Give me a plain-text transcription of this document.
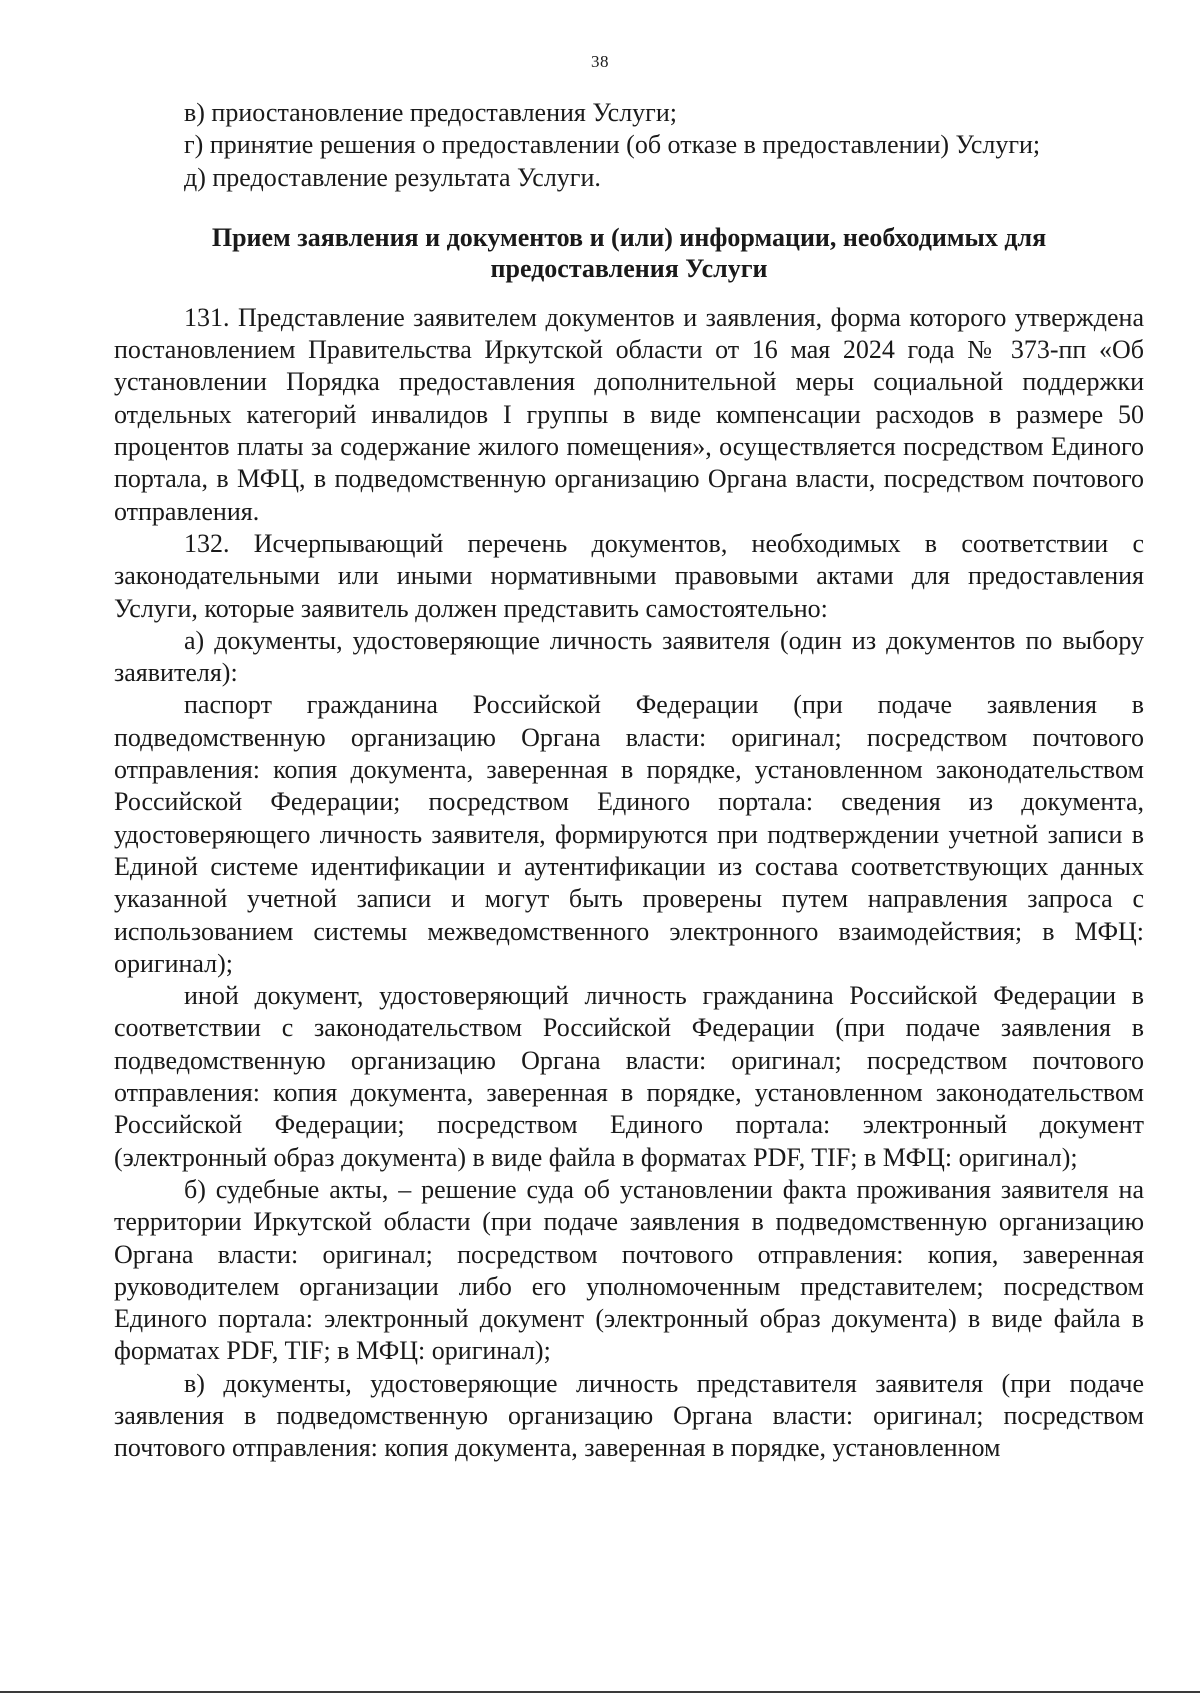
38

в) приостановление предоставления Услуги;

г) принятие решения о предоставлении (об отказе в предоставлении) Услуги;

д) предоставление результата Услуги.

Прием заявления и документов и (или) информации, необходимых для
предоставления Услуги

131. Представление заявителем документов и заявления, форма которого утверждена постановлением Правительства Иркутской области от 16 мая 2024 года № 373-пп «Об установлении Порядка предоставления дополнительной меры социальной поддержки отдельных категорий инвалидов I группы в виде компенсации расходов в размере 50 процентов платы за содержание жилого помещения», осуществляется посредством Единого портала, в МФЦ, в подведомственную организацию Органа власти, посредством почтового отправления.

132. Исчерпывающий перечень документов, необходимых в соответствии с законодательными или иными нормативными правовыми актами для предоставления Услуги, которые заявитель должен представить самостоятельно:

а) документы, удостоверяющие личность заявителя (один из документов по выбору заявителя):

паспорт гражданина Российской Федерации (при подаче заявления в подведомственную организацию Органа власти: оригинал; посредством почтового отправления: копия документа, заверенная в порядке, установленном законодательством Российской Федерации; посредством Единого портала: сведения из документа, удостоверяющего личность заявителя, формируются при подтверждении учетной записи в Единой системе идентификации и аутентификации из состава соответствующих данных указанной учетной записи и могут быть проверены путем направления запроса с использованием системы межведомственного электронного взаимодействия; в МФЦ: оригинал);

иной документ, удостоверяющий личность гражданина Российской Федерации в соответствии с законодательством Российской Федерации (при подаче заявления в подведомственную организацию Органа власти: оригинал; посредством почтового отправления: копия документа, заверенная в порядке, установленном законодательством Российской Федерации; посредством Единого портала: электронный документ (электронный образ документа) в виде файла в форматах PDF, TIF; в МФЦ: оригинал);

б) судебные акты, – решение суда об установлении факта проживания заявителя на территории Иркутской области (при подаче заявления в подведомственную организацию Органа власти: оригинал; посредством почтового отправления: копия, заверенная руководителем организации либо его уполномоченным представителем; посредством Единого портала: электронный документ (электронный образ документа) в виде файла в форматах PDF, TIF; в МФЦ: оригинал);

в) документы, удостоверяющие личность представителя заявителя (при подаче заявления в подведомственную организацию Органа власти: оригинал; посредством почтового отправления: копия документа, заверенная в порядке, установленном
